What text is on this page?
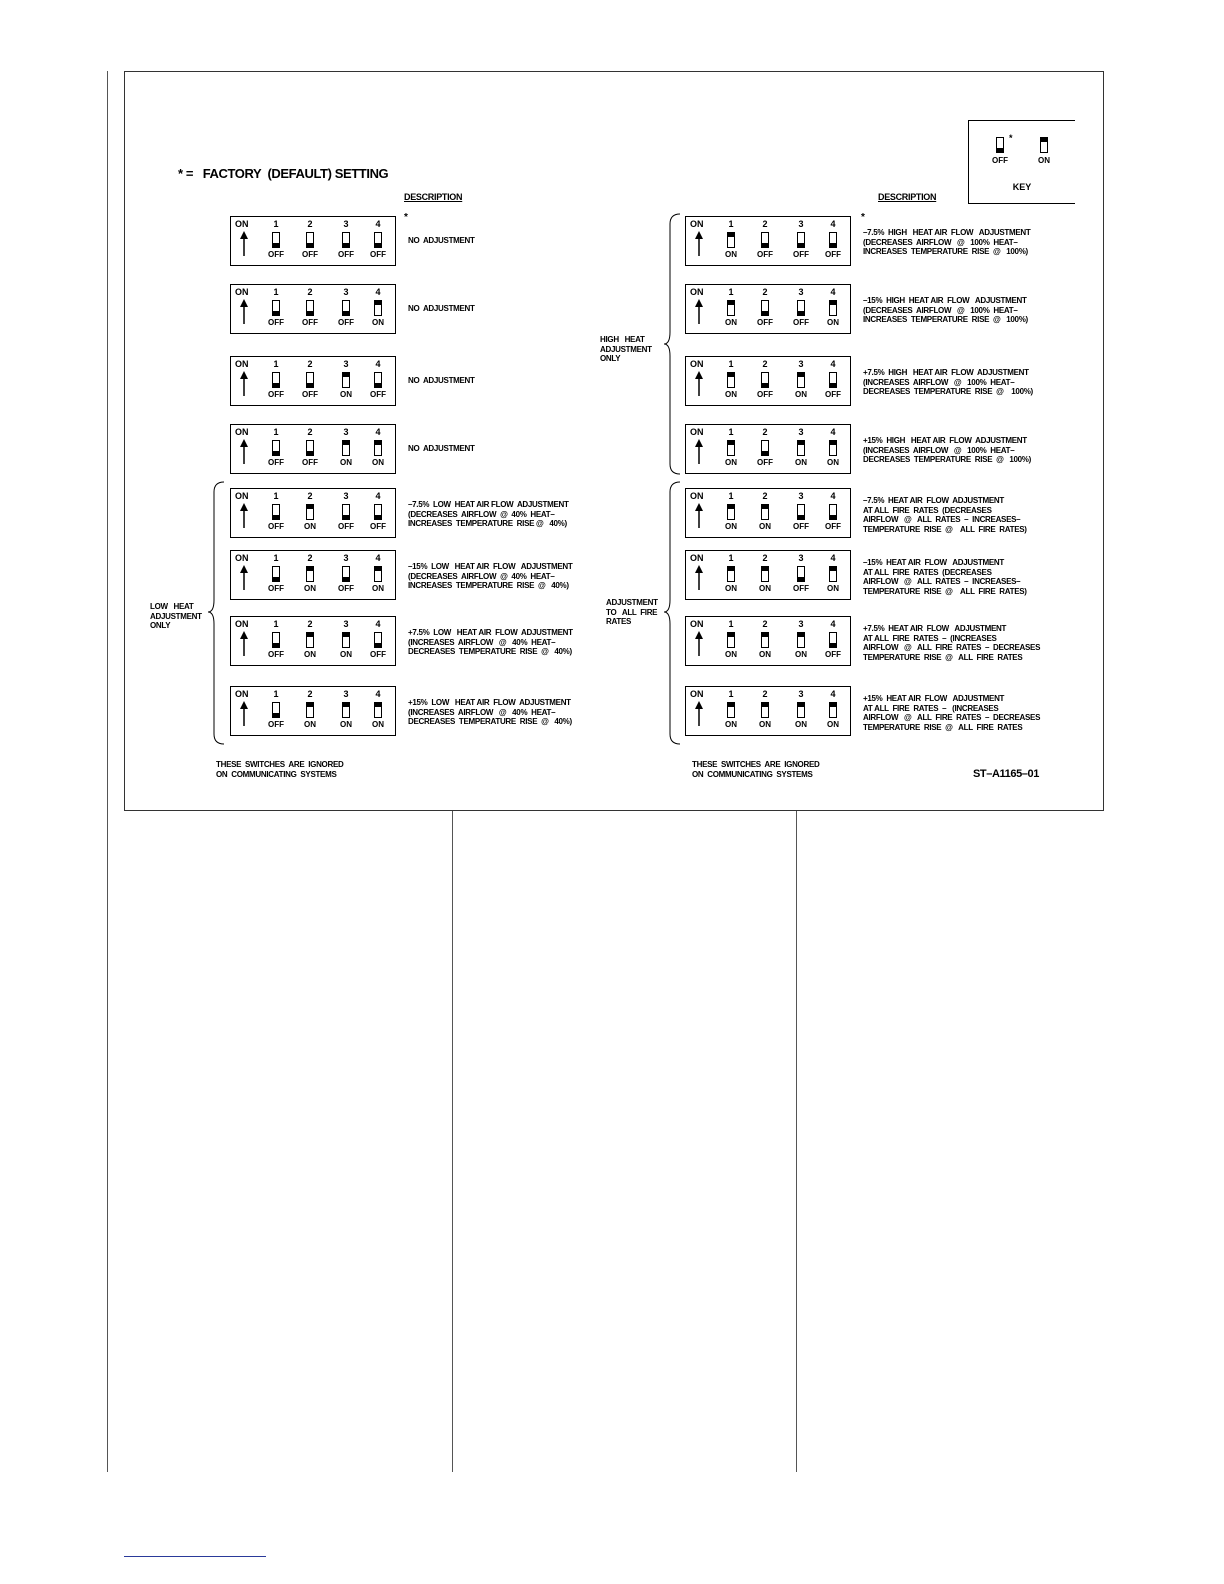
OFF
*
ON
KEY
* =   FACTORY  (DEFAULT) SETTING
DESCRIPTION	DESCRIPTION
*	*
ON	1
OFF
2
OFF
3
OFF
4
OFF
NO  ADJUSTMENT
ON	1
OFF
2
OFF
3
OFF
4
ON
NO  ADJUSTMENT
ON	1
OFF
2
OFF
3
ON
4
OFF
NO  ADJUSTMENT
ON	1
OFF
2
OFF
3
ON
4
ON
NO  ADJUSTMENT
ON	1
OFF
2
ON
3
OFF
4
OFF
–7.5%  LOW  HEAT AIR FLOW  ADJUSTMENT
(DECREASES  AIRFLOW  @  40%  HEAT–
INCREASES  TEMPERATURE  RISE @   40%)
ON	1
OFF
2
ON
3
OFF
4
ON
–15%  LOW   HEAT AIR  FLOW   ADJUSTMENT
(DECREASES  AIRFLOW  @  40%  HEAT–
INCREASES  TEMPERATURE  RISE  @   40%)
ON	1
OFF
2
ON
3
ON
4
OFF
+7.5%  LOW   HEAT AIR  FLOW  ADJUSTMENT
(INCREASES  AIRFLOW   @   40%  HEAT–
DECREASES  TEMPERATURE  RISE  @   40%)
ON	1
OFF
2
ON
3
ON
4
ON
+15%  LOW   HEAT AIR  FLOW  ADJUSTMENT
(INCREASES  AIRFLOW   @   40%  HEAT–
DECREASES  TEMPERATURE  RISE  @   40%)
ON	1
ON
2
OFF
3
OFF
4
OFF
–7.5%  HIGH   HEAT AIR  FLOW   ADJUSTMENT
(DECREASES  AIRFLOW   @   100%  HEAT–
INCREASES  TEMPERATURE  RISE  @   100%)
ON	1
ON
2
OFF
3
OFF
4
ON
–15%  HIGH  HEAT AIR  FLOW   ADJUSTMENT
(DECREASES  AIRFLOW   @   100%  HEAT–
INCREASES  TEMPERATURE  RISE  @   100%)
ON	1
ON
2
OFF
3
ON
4
OFF
+7.5%  HIGH   HEAT AIR  FLOW  ADJUSTMENT
(INCREASES  AIRFLOW   @   100%  HEAT–
DECREASES  TEMPERATURE  RISE  @    100%)
ON	1
ON
2
OFF
3
ON
4
ON
+15%  HIGH   HEAT AIR  FLOW  ADJUSTMENT
(INCREASES  AIRFLOW   @   100%  HEAT–
DECREASES  TEMPERATURE  RISE  @   100%)
ON	1
ON
2
ON
3
OFF
4
OFF
–7.5%  HEAT AIR  FLOW  ADJUSTMENT
AT ALL  FIRE  RATES  (DECREASES
AIRFLOW   @   ALL  RATES  –  INCREASES–
TEMPERATURE  RISE  @    ALL  FIRE  RATES)
ON	1
ON
2
ON
3
OFF
4
ON
–15%  HEAT AIR  FLOW   ADJUSTMENT
AT ALL  FIRE  RATES  (DECREASES
AIRFLOW   @   ALL  RATES  –  INCREASES–
TEMPERATURE  RISE  @    ALL  FIRE  RATES)
ON	1
ON
2
ON
3
ON
4
OFF
+7.5%  HEAT AIR  FLOW   ADJUSTMENT
AT ALL  FIRE  RATES  –  (INCREASES
AIRFLOW   @   ALL  FIRE  RATES  –  DECREASES
TEMPERATURE  RISE  @   ALL  FIRE  RATES
ON	1
ON
2
ON
3
ON
4
ON
+15%  HEAT AIR  FLOW   ADJUSTMENT
AT ALL  FIRE  RATES  –   (INCREASES
AIRFLOW   @   ALL  FIRE  RATES  –  DECREASES
TEMPERATURE  RISE  @   ALL  FIRE  RATES
LOW   HEAT
ADJUSTMENT
ONLY
HIGH   HEAT
ADJUSTMENT
ONLY
ADJUSTMENT
TO   ALL  FIRE
RATES
THESE  SWITCHES  ARE  IGNORED
ON  COMMUNICATING  SYSTEMS
THESE  SWITCHES  ARE  IGNORED
ON  COMMUNICATING  SYSTEMS	ST–A1165–01
